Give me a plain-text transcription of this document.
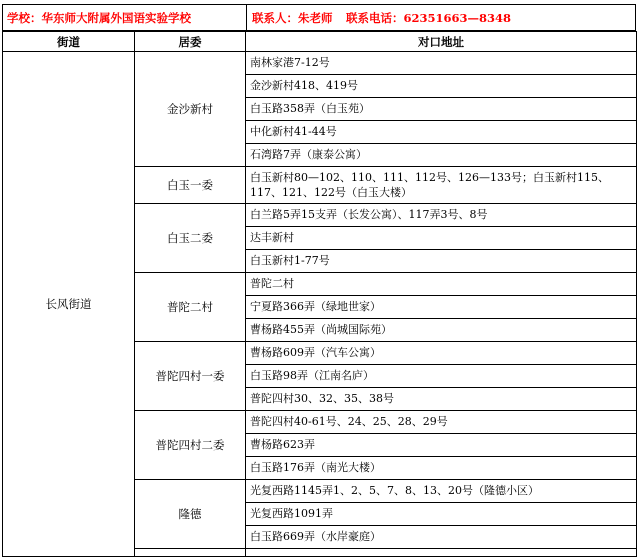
学校：华东师大附属外国语实验学校	联系人：朱老师 联系电话：62351663—8348
街道	居委	对口地址
长风街道	金沙新村	南林家港7-12号
		金沙新村418、419号
		白玉路358弄（白玉苑）
		中化新村41-44号
		石湾路7弄（康泰公寓）
	白玉一委	白玉新村80—102、110、111、112号、126—133号；白玉新村115、117、121、122号（白玉大楼）
	白玉二委	白兰路5弄15支弄（长发公寓）、117弄3号、8号
		达丰新村
		白玉新村1-77号
	普陀二村	普陀二村
		宁夏路366弄（绿地世家）
		曹杨路455弄（尚城国际苑）
	普陀四村一委	曹杨路609弄（汽车公寓）
		白玉路98弄（江南名庐）
		普陀四村30、32、35、38号
	普陀四村二委	普陀四村40-61号、24、25、28、29号
		曹杨路623弄
		白玉路176弄（南光大楼）
	隆德	光复西路1145弄1、2、5、7、8、13、20号（隆德小区）
		光复西路1091弄
		白玉路669弄（水岸豪庭）
